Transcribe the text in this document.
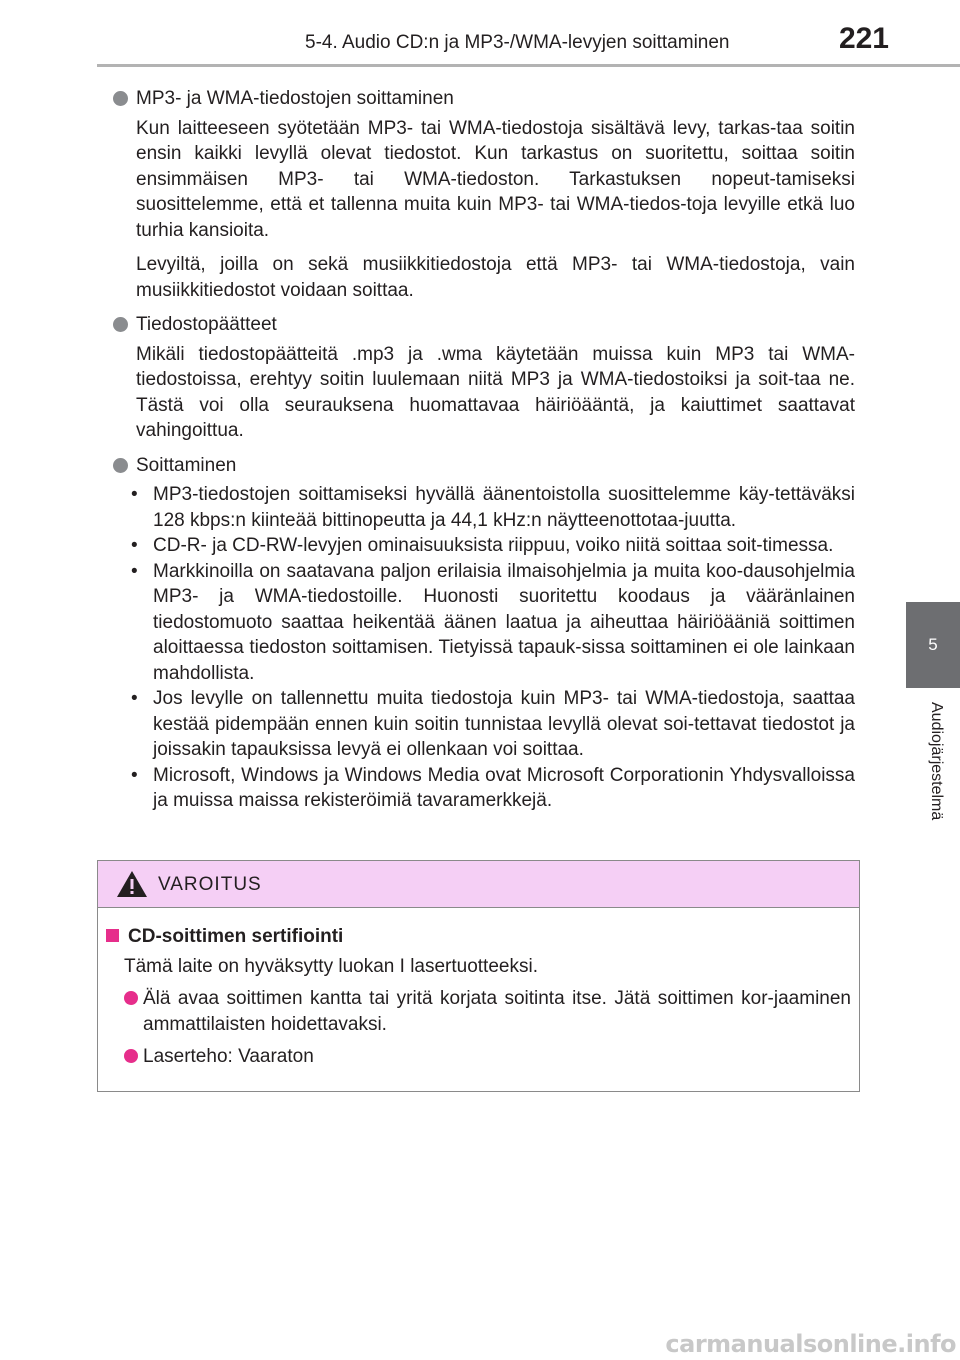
5-4. Audio CD:n ja MP3-/WMA-levyjen soittaminen	221
5
Audiojärjestelmä
MP3- ja WMA-tiedostojen soittaminen
Kun laitteeseen syötetään MP3- tai WMA-tiedostoja sisältävä levy, tarkas-taa soitin ensin kaikki levyllä olevat tiedostot. Kun tarkastus on suoritettu, soittaa soitin ensimmäisen MP3- tai WMA-tiedoston. Tarkastuksen nopeut-tamiseksi suosittelemme, että et tallenna muita kuin MP3- tai WMA-tiedos-toja levyille etkä luo turhia kansioita.
Levyiltä, joilla on sekä musiikkitiedostoja että MP3- tai WMA-tiedostoja, vain musiikkitiedostot voidaan soittaa.
Tiedostopäätteet
Mikäli tiedostopäätteitä .mp3 ja .wma käytetään muissa kuin MP3 tai WMA-tiedostoissa, erehtyy soitin luulemaan niitä MP3 ja WMA-tiedostoiksi ja soit-taa ne. Tästä voi olla seurauksena huomattavaa häiriöääntä, ja kaiuttimet saattavat vahingoittua.
Soittaminen
• MP3-tiedostojen soittamiseksi hyvällä äänentoistolla suosittelemme käy-tettäväksi 128 kbps:n kiinteää bittinopeutta ja 44,1 kHz:n näytteenottotaa-juutta.
• CD-R- ja CD-RW-levyjen ominaisuuksista riippuu, voiko niitä soittaa soit-timessa.
• Markkinoilla on saatavana paljon erilaisia ilmaisohjelmia ja muita koo-dausohjelmia MP3- ja WMA-tiedostoille. Huonosti suoritettu koodaus ja vääränlainen tiedostomuoto saattaa heikentää äänen laatua ja aiheuttaa häiriöääniä soittimen aloittaessa tiedoston soittamisen. Tietyissä tapauk-sissa soittaminen ei ole lainkaan mahdollista.
• Jos levylle on tallennettu muita tiedostoja kuin MP3- tai WMA-tiedostoja, saattaa kestää pidempään ennen kuin soitin tunnistaa levyllä olevat soi-tettavat tiedostot ja joissakin tapauksissa levyä ei ollenkaan voi soittaa.
• Microsoft, Windows ja Windows Media ovat Microsoft Corporationin Yhdysvalloissa ja muissa maissa rekisteröimiä tavaramerkkejä.
VAROITUS
CD-soittimen sertifiointi
Tämä laite on hyväksytty luokan I lasertuotteeksi.
Älä avaa soittimen kantta tai yritä korjata soitinta itse. Jätä soittimen kor-jaaminen ammattilaisten hoidettavaksi.
Laserteho: Vaaraton
carmanualsonline.info
